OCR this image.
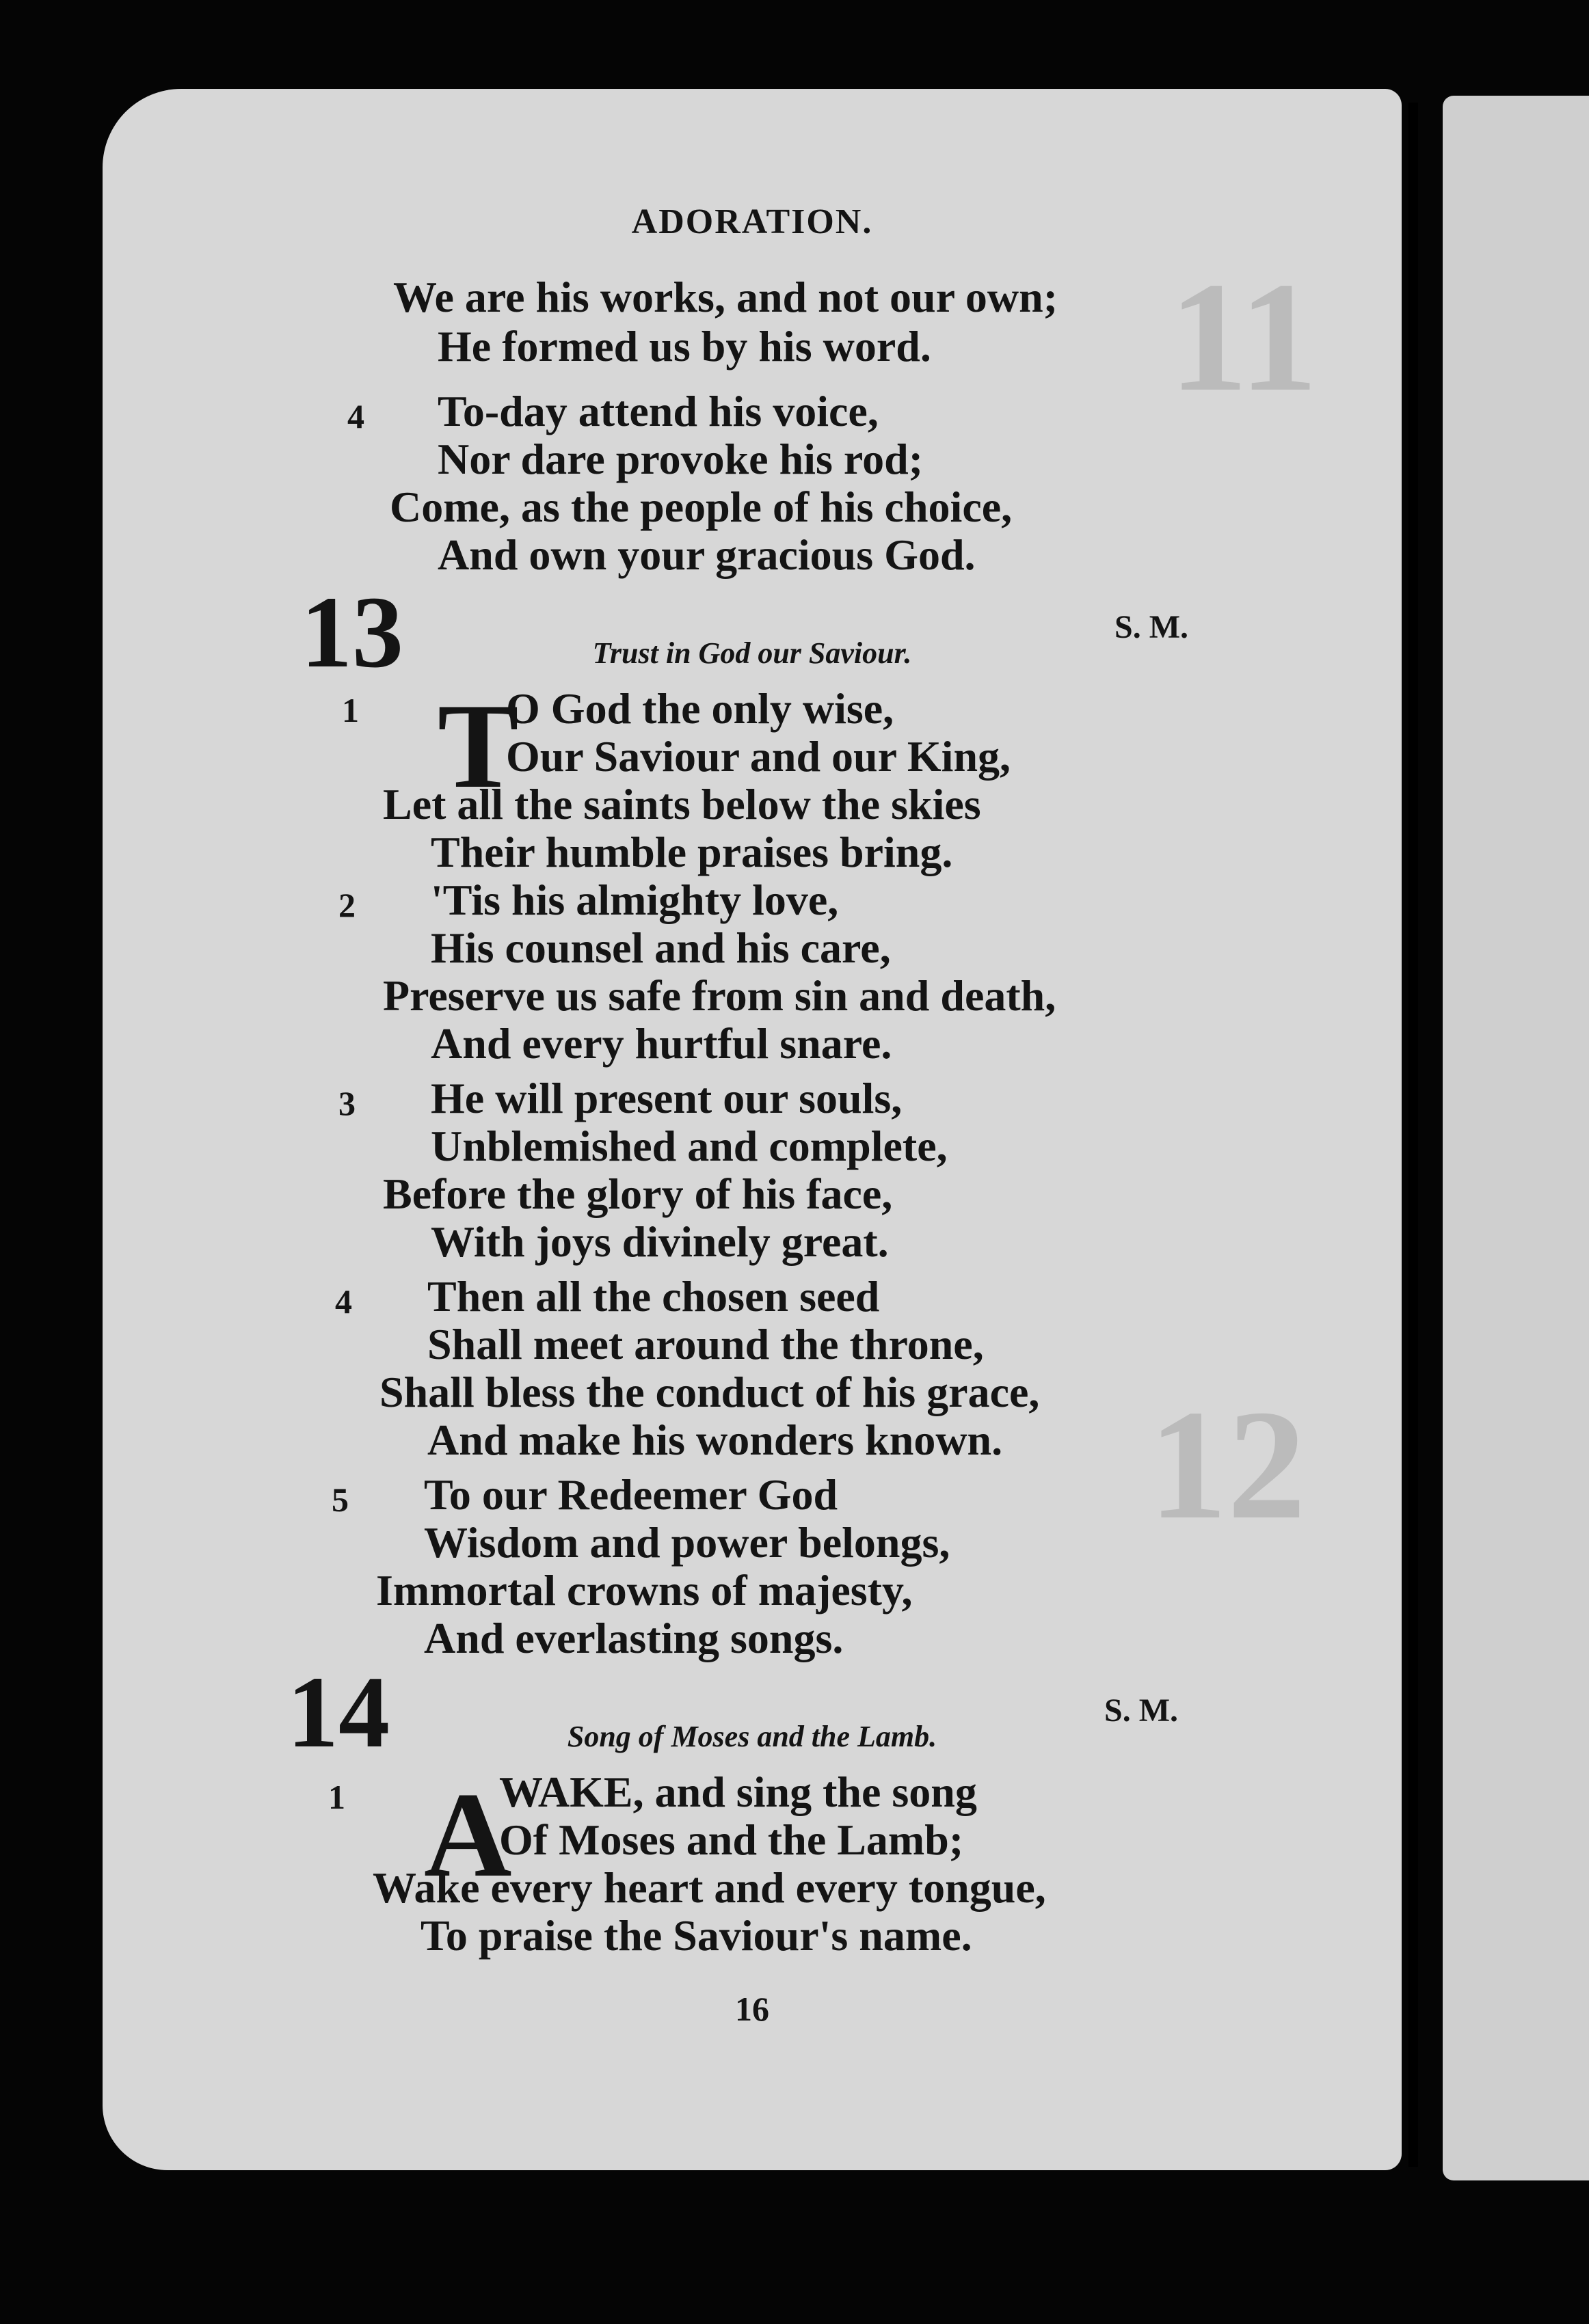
11
12
ADORATION.
We are his works, and not our own;
He formed us by his word.
4 To-day attend his voice,
Nor dare provoke his rod;
Come, as the people of his choice,
And own your gracious God.
13	S. M.
Trust in God our Saviour.
1 T
O God the only wise,
Our Saviour and our King,
Let all the saints below the skies
Their humble praises bring.
2 'Tis his almighty love,
His counsel and his care,
Preserve us safe from sin and death,
And every hurtful snare.
3 He will present our souls,
Unblemished and complete,
Before the glory of his face,
With joys divinely great.
4 Then all the chosen seed
Shall meet around the throne,
Shall bless the conduct of his grace,
And make his wonders known.
5 To our Redeemer God
Wisdom and power belongs,
Immortal crowns of majesty,
And everlasting songs.
14	S. M.
Song of Moses and the Lamb.
1 A
WAKE, and sing the song
Of Moses and the Lamb;
Wake every heart and every tongue,
To praise the Saviour's name.
16
